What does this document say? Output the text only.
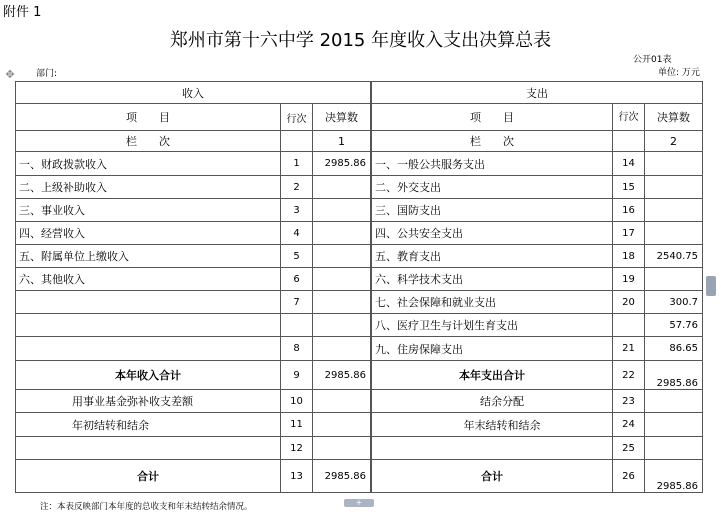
附件 1
郑州市第十六中学 2015 年度收入支出决算总表
公开01表
单位: 万元
部门:
✥
收入			支出		
项　　目	行次	决算数		项　　目	行次	决算数
栏　　次		1		栏　　次		2
一、财政拨款收入	1	2985.86		一、一般公共服务支出	14	
二、上级补助收入	2			二、外交支出	15	
三、事业收入	3			三、国防支出	16	
四、经营收入	4			四、公共安全支出	17	
五、附属单位上缴收入	5			五、教育支出	18	2540.75
六、其他收入	6			六、科学技术支出	19	
	7			七、社会保障和就业支出	20	300.7
				八、医疗卫生与计划生育支出		57.76
	8			九、住房保障支出	21	86.65
本年收入合计	9	2985.86		本年支出合计	22	2985.86
用事业基金弥补收支差额	10			结余分配	23	
年初结转和结余	11			年末结转和结余	24	
	12				25	
合计	13	2985.86		合计	26	2985.86
注：本表反映部门本年度的总收支和年末结转结余情况。	+
